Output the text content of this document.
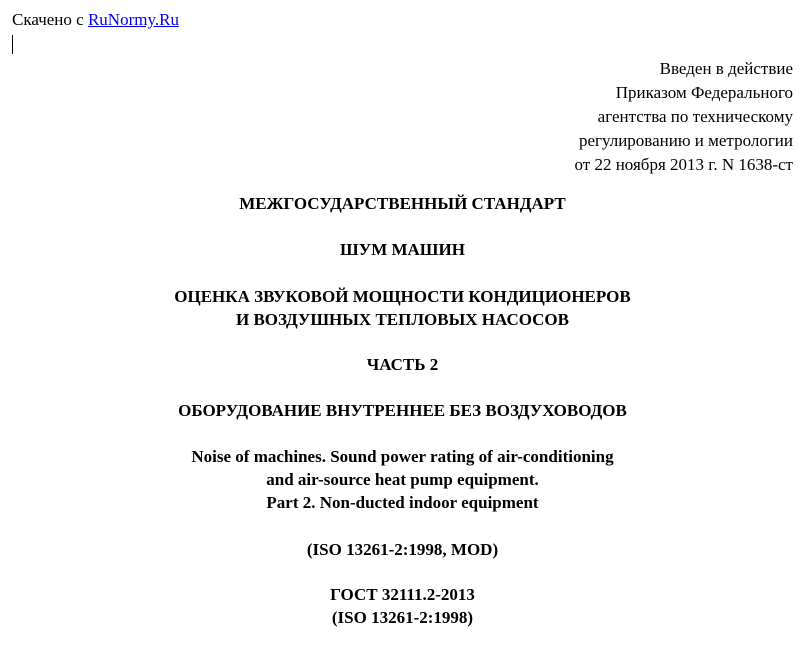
Скачено с RuNormy.Ru
Введен в действие
Приказом Федерального
агентства по техническому
регулированию и метрологии
от 22 ноября 2013 г. N 1638-ст
МЕЖГОСУДАРСТВЕННЫЙ СТАНДАРТ
ШУМ МАШИН
ОЦЕНКА ЗВУКОВОЙ МОЩНОСТИ КОНДИЦИОНЕРОВ
И ВОЗДУШНЫХ ТЕПЛОВЫХ НАСОСОВ
ЧАСТЬ 2
ОБОРУДОВАНИЕ ВНУТРЕННЕЕ БЕЗ ВОЗДУХОВОДОВ
Noise of machines. Sound power rating of air-conditioning
and air-source heat pump equipment.
Part 2. Non-ducted indoor equipment
(ISO 13261-2:1998, MOD)
ГОСТ 32111.2-2013
(ISO 13261-2:1998)
